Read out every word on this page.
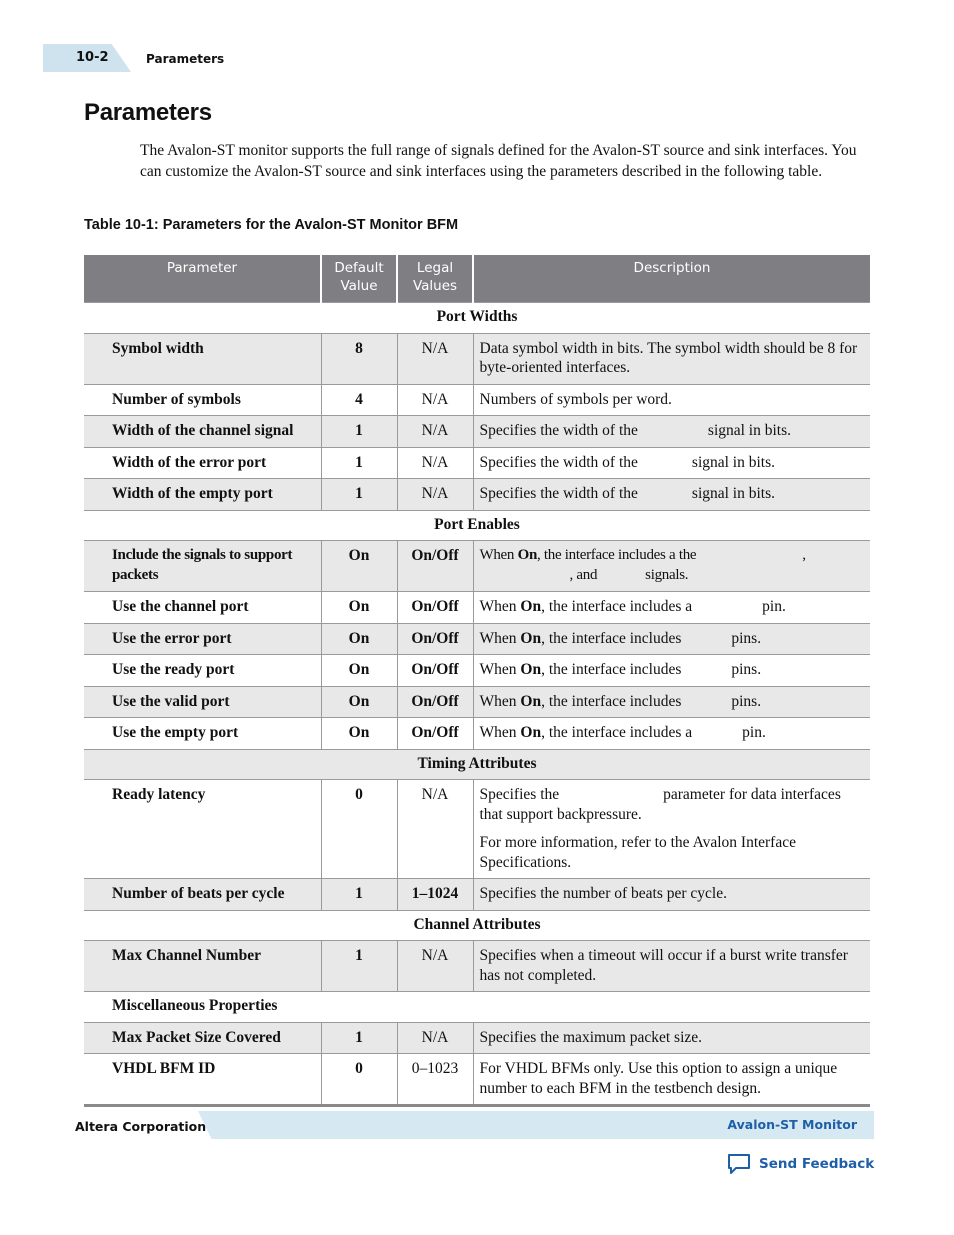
10-2	Parameters
Parameters
The Avalon-ST monitor supports the full range of signals defined for the Avalon-ST source and sink interfaces. You can customize the Avalon-ST source and sink interfaces using the parameters described in the following table.
Table 10-1: Parameters for the Avalon-ST Monitor BFM
Parameter	Default Value	Legal Values	Description
Port Widths			
Symbol width	8	N/A	Data symbol width in bits. The symbol width should be 8 for byte-oriented interfaces.
Number of symbols	4	N/A	Numbers of symbols per word.
Width of the channel signal	1	N/A	Specifies the width of the signal in bits.
Width of the error port	1	N/A	Specifies the width of the signal in bits.
Width of the empty port	1	N/A	Specifies the width of the signal in bits.
Port Enables			
Include the signals to support packets	On	On/Off	When On, the interface includes a the ,
, and signals.
Use the channel port	On	On/Off	When On, the interface includes a pin.
Use the error port	On	On/Off	When On, the interface includes pins.
Use the ready port	On	On/Off	When On, the interface includes pins.
Use the valid port	On	On/Off	When On, the interface includes pins.
Use the empty port	On	On/Off	When On, the interface includes a pin.
Timing Attributes			
Ready latency	0	N/A	Specifies the parameter for data interfaces that support backpressure.
For more information, refer to the Avalon Interface Specifications.

Number of beats per cycle	1	1–1024	Specifies the number of beats per cycle.
Channel Attributes			
Max Channel Number	1	N/A	Specifies when a timeout will occur if a burst write transfer has not completed.
Miscellaneous Properties			
Max Packet Size Covered	1	N/A	Specifies the maximum packet size.
VHDL BFM ID	0	0–1023	For VHDL BFMs only. Use this option to assign a unique number to each BFM in the testbench design.
Altera Corporation	Avalon-ST Monitor
Send Feedback
